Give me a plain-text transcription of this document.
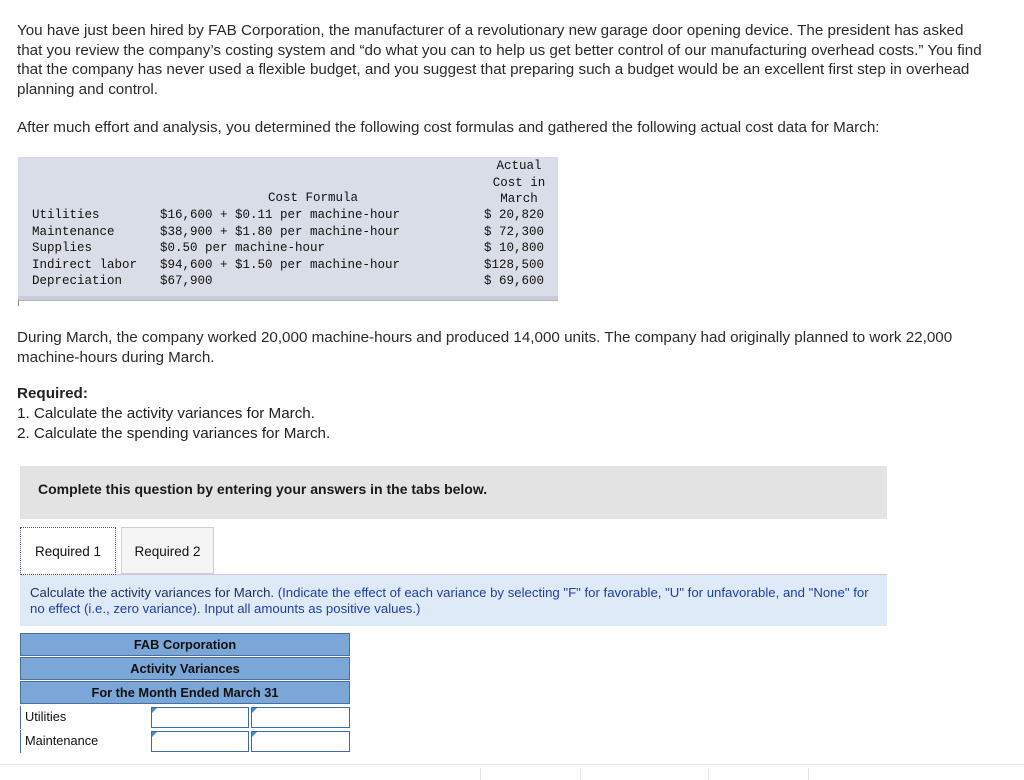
You have just been hired by FAB Corporation, the manufacturer of a revolutionary new garage door opening device. The president has asked that you review the company’s costing system and “do what you can to help us get better control of our manufacturing overhead costs.” You find that the company has never used a flexible budget, and you suggest that preparing such a budget would be an excellent first step in overhead planning and control.

After much effort and analysis, you determined the following cost formulas and gathered the following actual cost data for March:

Actual
Cost in
March
Cost Formula
Utilities	$16,600 + $0.11 per machine-hour	$ 20,820
Maintenance	$38,900 + $1.80 per machine-hour	$ 72,300
Supplies	$0.50 per machine-hour	$ 10,800
Indirect labor $94,600 + $1.50 per machine-hour	$128,500
Depreciation	$67,900	$ 69,600

During March, the company worked 20,000 machine-hours and produced 14,000 units. The company had originally planned to work 22,000 machine-hours during March.

Required:

1. Calculate the activity variances for March.
2. Calculate the spending variances for March.

Complete this question by entering your answers in the tabs below.

Required 1	Required 2

Calculate the activity variances for March. (Indicate the effect of each variance by selecting "F" for favorable, "U" for unfavorable, and "None" for no effect (i.e., zero variance). Input all amounts as positive values.)

FAB Corporation
Activity Variances
For the Month Ended March 31
Utilities
Maintenance
